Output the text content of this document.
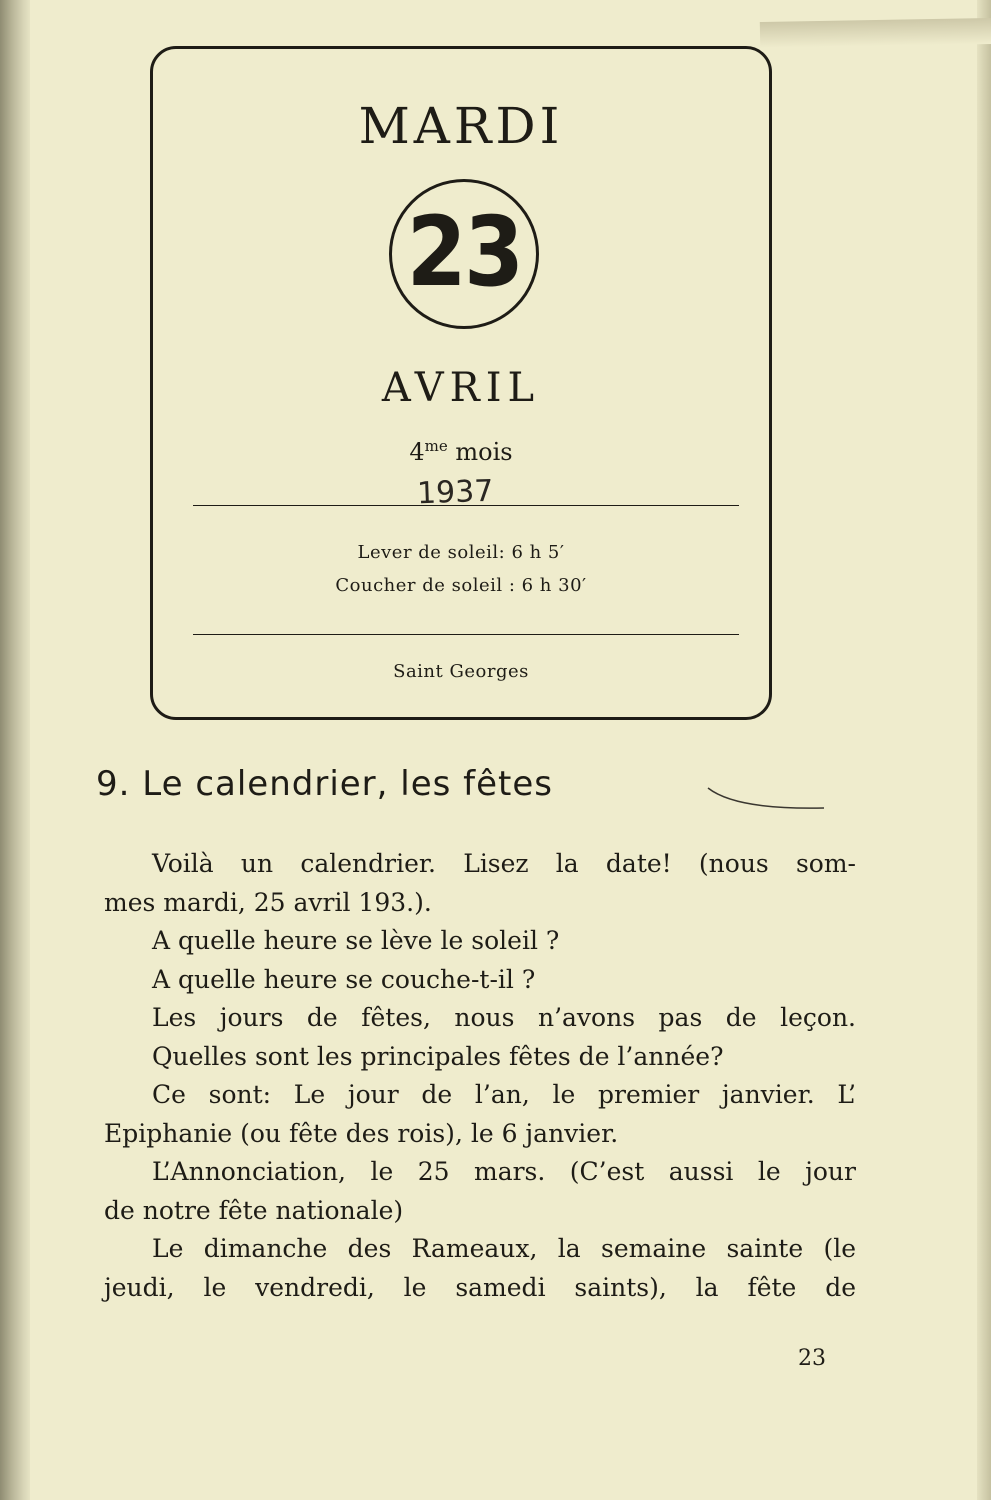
MARDI
23
AVRIL
$4^{me}$ mois
1937
Lever de soleil: 6 h 5′
Coucher de soleil : 6 h 30′
Saint Georges
9. Le calendrier, les fêtes
Voilà un calendrier. Lisez la date! (nous som-
mes mardi, 25 avril 193.).
A quelle heure se lève le soleil ?
A quelle heure se couche-t-il ?
Les jours de fêtes, nous n’avons pas de leçon.
Quelles sont les principales fêtes de l’année?
Ce sont: Le jour de l’an, le premier janvier. L’
Epiphanie (ou fête des rois), le 6 janvier.
L’Annonciation, le 25 mars. (C’est aussi le jour
de notre fête nationale)
Le dimanche des Rameaux, la semaine sainte (le
jeudi, le vendredi, le samedi saints), la fête de
23
